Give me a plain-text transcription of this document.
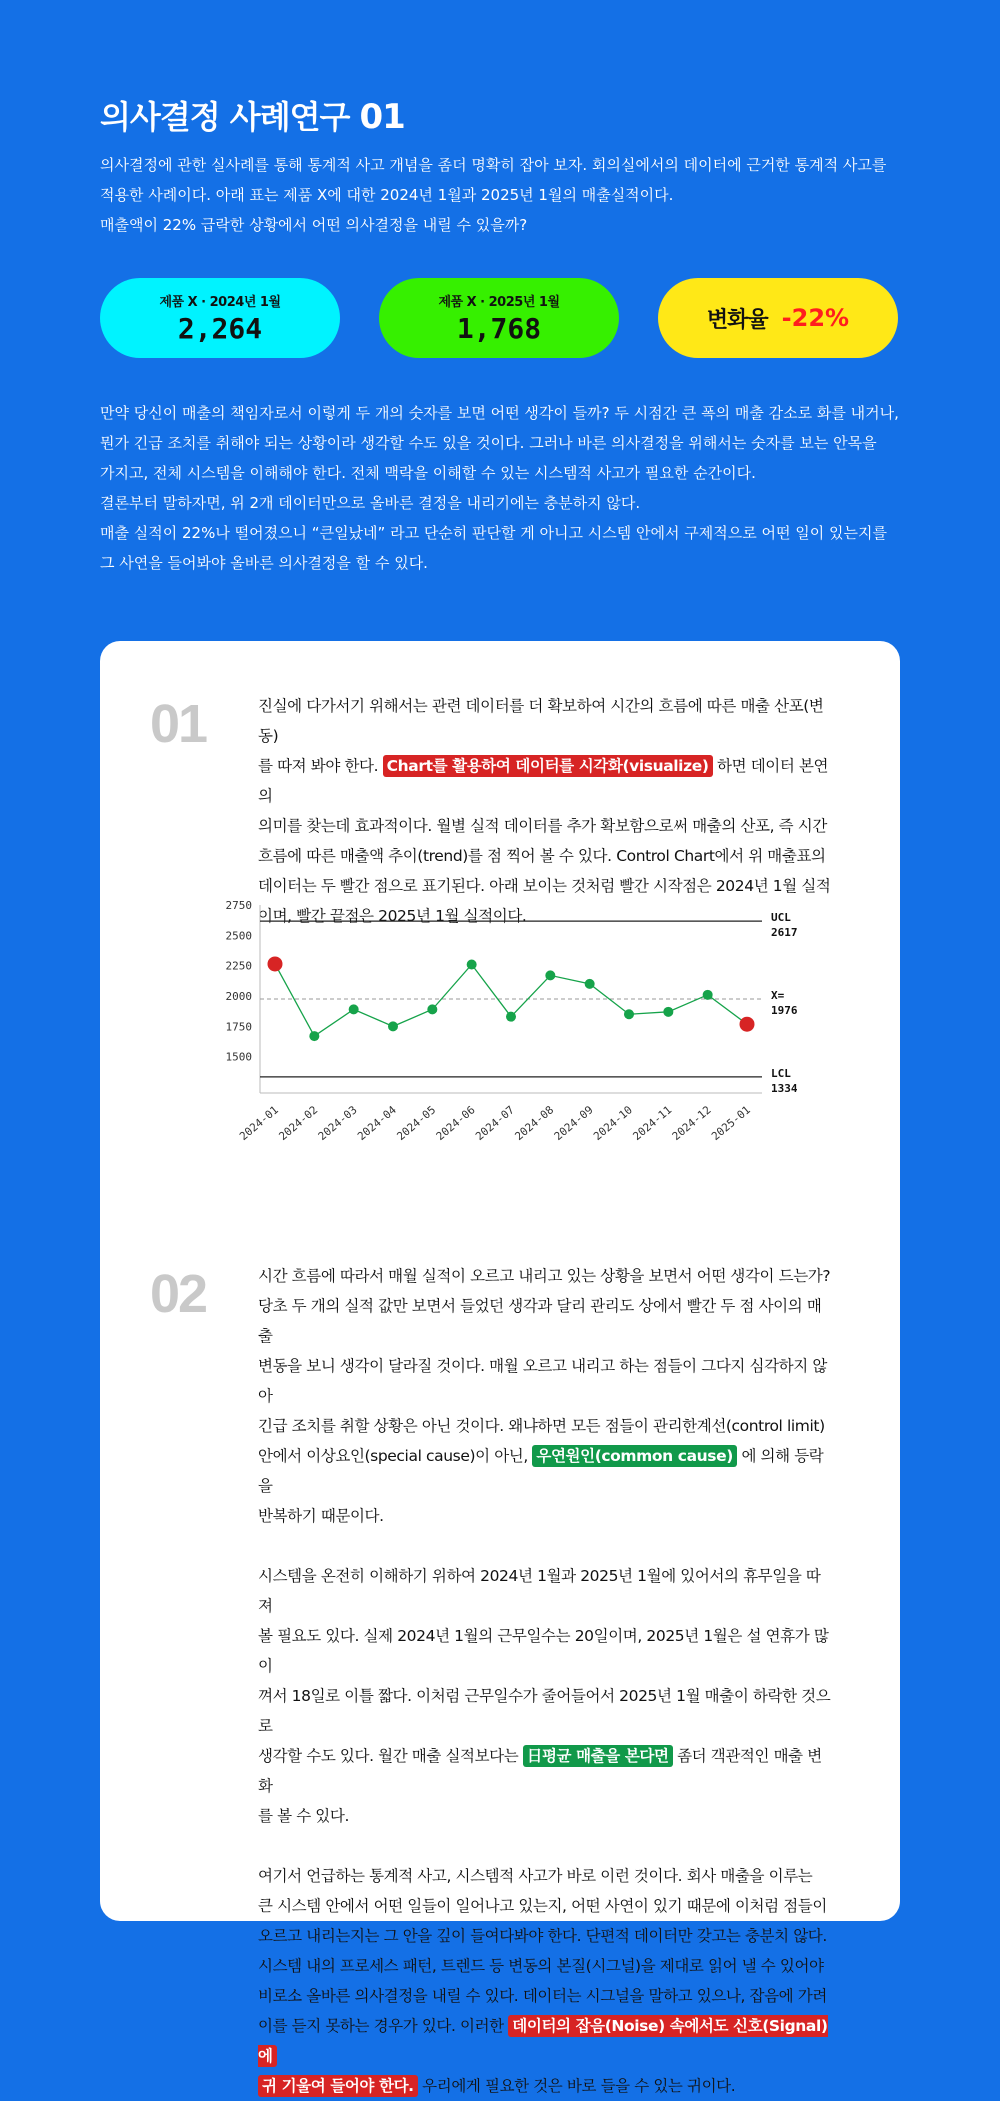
의사결정 사례연구 01

의사결정에 관한 실사례를 통해 통계적 사고 개념을 좀더 명확히 잡아 보자. 회의실에서의 데이터에 근거한 통계적 사고를

적용한 사례이다. 아래 표는 제품 X에 대한 2024년 1월과 2025년 1월의 매출실적이다.

매출액이 22% 급락한 상황에서 어떤 의사결정을 내릴 수 있을까?

제품 X · 2024년 1월
2,264
제품 X · 2025년 1월
1,768	변화율 -22%

만약 당신이 매출의 책임자로서 이렇게 두 개의 숫자를 보면 어떤 생각이 들까? 두 시점간 큰 폭의 매출 감소로 화를 내거나,

뭔가 긴급 조치를 취해야 되는 상황이라 생각할 수도 있을 것이다. 그러나 바른 의사결정을 위해서는 숫자를 보는 안목을

가지고, 전체 시스템을 이해해야 한다. 전체 맥락을 이해할 수 있는 시스템적 사고가 필요한 순간이다.

결론부터 말하자면, 위 2개 데이터만으로 올바른 결정을 내리기에는 충분하지 않다.

매출 실적이 22%나 떨어졌으니 “큰일났네” 라고 단순히 판단할 게 아니고 시스템 안에서 구제적으로 어떤 일이 있는지를

그 사연을 들어봐야 올바른 의사결정을 할 수 있다.

01	진실에 다가서기 위해서는 관련 데이터를 더 확보하여 시간의 흐름에 따른 매출 산포(변동)

를 따져 봐야 한다. Chart를 활용하여 데이터를 시각화(visualize) 하면 데이터 본연의

의미를 찾는데 효과적이다. 월별 실적 데이터를 추가 확보함으로써 매출의 산포, 즉 시간

흐름에 따른 매출액 추이(trend)를 점 찍어 볼 수 있다. Control Chart에서 위 매출표의

데이터는 두 빨간 점으로 표기된다. 아래 보이는 것처럼 빨간 시작점은 2024년 1월 실적

이며, 빨간 끝점은 2025년 1월 실적이다.

1500
1750
2000
2250
2500
2750
UCL
2617
X=
1976
LCL
1334
2024-01
2024-02
2024-03
2024-04
2024-05
2024-06
2024-07
2024-08
2024-09
2024-10
2024-11
2024-12
2025-01
02	시간 흐름에 따라서 매월 실적이 오르고 내리고 있는 상황을 보면서 어떤 생각이 드는가?

당초 두 개의 실적 값만 보면서 들었던 생각과 달리 관리도 상에서 빨간 두 점 사이의 매출

변동을 보니 생각이 달라질 것이다. 매월 오르고 내리고 하는 점들이 그다지 심각하지 않아

긴급 조치를 취할 상황은 아닌 것이다. 왜냐하면 모든 점들이 관리한계선(control limit)

안에서 이상요인(special cause)이 아닌, 우연원인(common cause) 에 의해 등락을

반복하기 때문이다.

시스템을 온전히 이해하기 위하여 2024년 1월과 2025년 1월에 있어서의 휴무일을 따져

볼 필요도 있다. 실제 2024년 1월의 근무일수는 20일이며, 2025년 1월은 설 연휴가 많이

껴서 18일로 이틀 짧다. 이처럼 근무일수가 줄어들어서 2025년 1월 매출이 하락한 것으로

생각할 수도 있다. 월간 매출 실적보다는 日평균 매출을 본다면 좀더 객관적인 매출 변화

를 볼 수 있다.

여기서 언급하는 통계적 사고, 시스템적 사고가 바로 이런 것이다. 회사 매출을 이루는

큰 시스템 안에서 어떤 일들이 일어나고 있는지, 어떤 사연이 있기 때문에 이처럼 점들이

오르고 내리는지는 그 안을 깊이 들여다봐야 한다. 단편적 데이터만 갖고는 충분치 않다.

시스템 내의 프로세스 패턴, 트렌드 등 변동의 본질(시그널)을 제대로 읽어 낼 수 있어야

비로소 올바른 의사결정을 내릴 수 있다. 데이터는 시그널을 말하고 있으나, 잡음에 가려

이를 듣지 못하는 경우가 있다. 이러한 데이터의 잡음(Noise) 속에서도 신호(Signal)에

귀 기울여 들어야 한다. 우리에게 필요한 것은 바로 들을 수 있는 귀이다.
